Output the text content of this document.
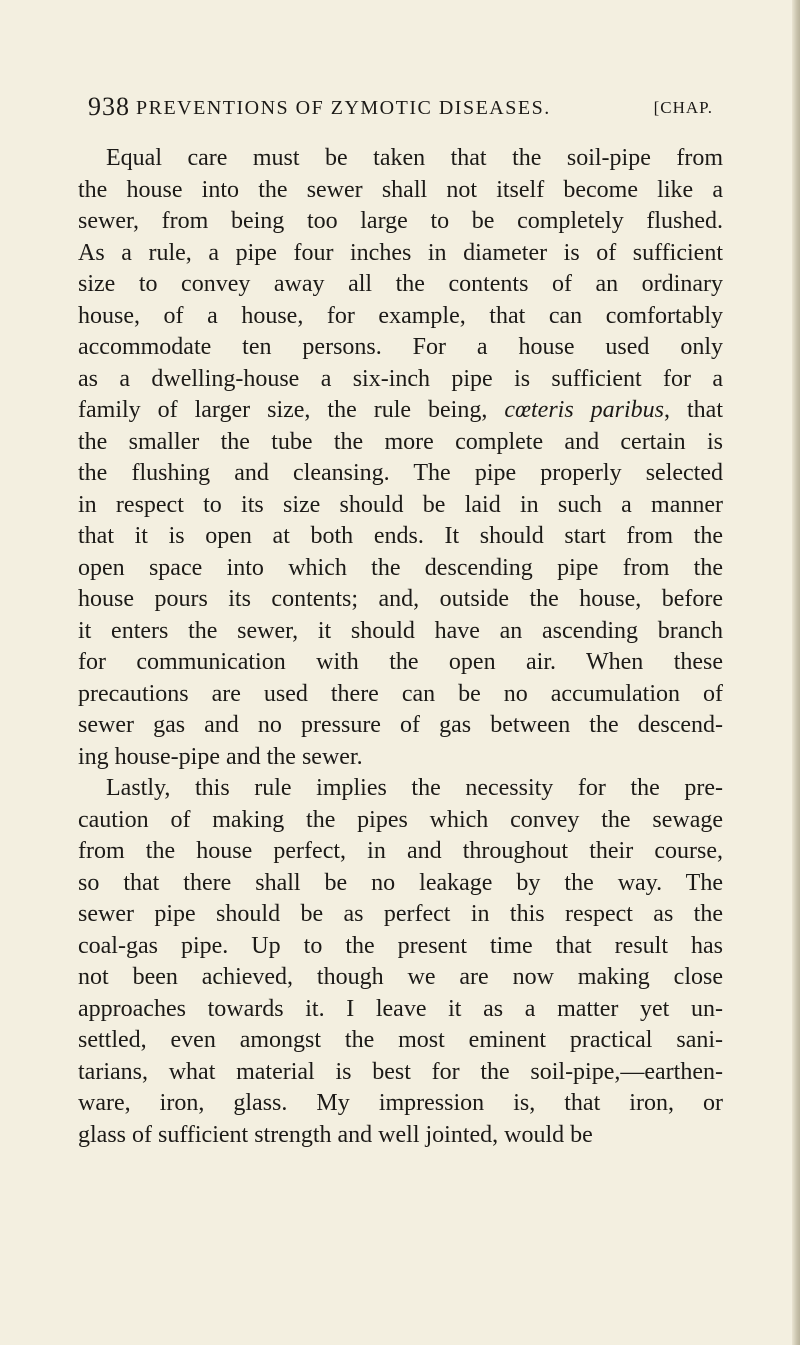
938 PREVENTIONS OF ZYMOTIC DISEASES.	[CHAP.
Equal care must be taken that the soil-pipe from
the house into the sewer shall not itself become like a
sewer, from being too large to be completely flushed.
As a rule, a pipe four inches in diameter is of sufficient
size to convey away all the contents of an ordinary
house, of a house, for example, that can comfortably
accommodate ten persons. For a house used only
as a dwelling-house a six-inch pipe is sufficient for a
family of larger size, the rule being, cœteris paribus, that
the smaller the tube the more complete and certain is
the flushing and cleansing. The pipe properly selected
in respect to its size should be laid in such a manner
that it is open at both ends. It should start from the
open space into which the descending pipe from the
house pours its contents; and, outside the house, before
it enters the sewer, it should have an ascending branch
for communication with the open air. When these
precautions are used there can be no accumulation of
sewer gas and no pressure of gas between the descend-
ing house-pipe and the sewer.
Lastly, this rule implies the necessity for the pre-
caution of making the pipes which convey the sewage
from the house perfect, in and throughout their course,
so that there shall be no leakage by the way. The
sewer pipe should be as perfect in this respect as the
coal-gas pipe. Up to the present time that result has
not been achieved, though we are now making close
approaches towards it. I leave it as a matter yet un-
settled, even amongst the most eminent practical sani-
tarians, what material is best for the soil-pipe,—earthen-
ware, iron, glass. My impression is, that iron, or
glass of sufficient strength and well jointed, would be
